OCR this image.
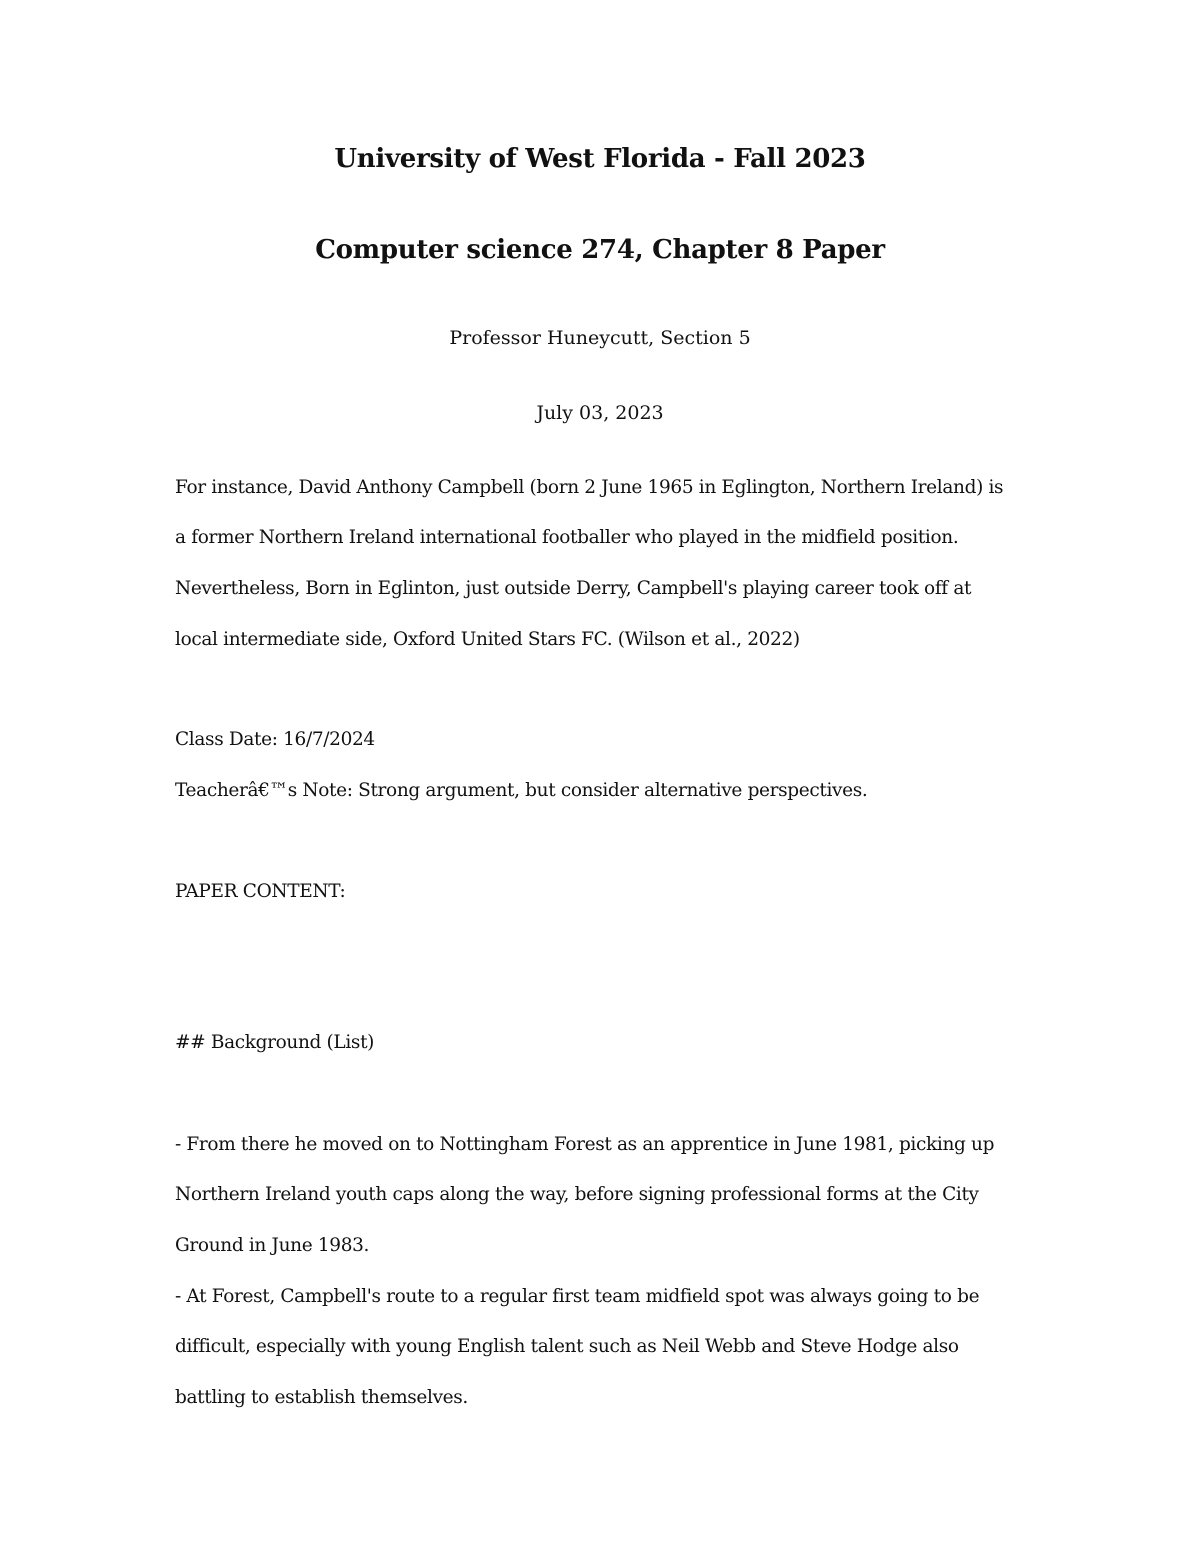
University of West Florida - Fall 2023
Computer science 274, Chapter 8 Paper
Professor Huneycutt, Section 5
July 03, 2023
For instance, David Anthony Campbell (born 2 June 1965 in Eglington, Northern Ireland) is
a former Northern Ireland international footballer who played in the midfield position.
Nevertheless, Born in Eglinton, just outside Derry, Campbell's playing career took off at
local intermediate side, Oxford United Stars FC. (Wilson et al., 2022)
Class Date: 16/7/2024
Teacherâ€™s Note: Strong argument, but consider alternative perspectives.
PAPER CONTENT:
## Background (List)
- From there he moved on to Nottingham Forest as an apprentice in June 1981, picking up
Northern Ireland youth caps along the way, before signing professional forms at the City
Ground in June 1983.
- At Forest, Campbell's route to a regular first team midfield spot was always going to be
difficult, especially with young English talent such as Neil Webb and Steve Hodge also
battling to establish themselves.
